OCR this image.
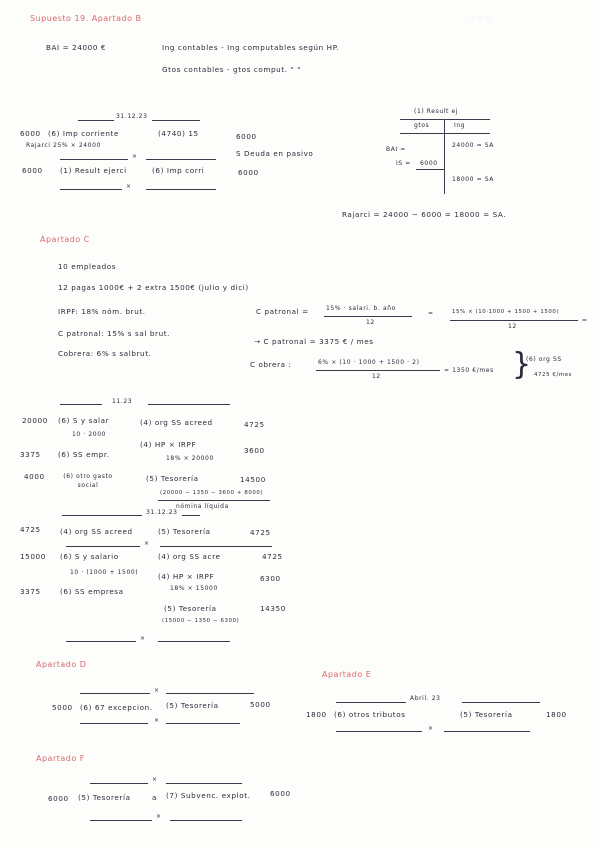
Supuesto 19. Apartado B	~ ~ ~
BAI = 24000 €	Ing contables - Ing computables según HP.
Gtos contables - gtos comput. " "
31.12.23
6000 (6) Imp corriente	(4740) 15	6000
Rajarci 25% × 24000
S Deuda en pasivo
×
6000 (1) Result ejerci	(6) Imp corri	6000
×
(1) Result ej
gtos	Ing
BAI =
24000 = SA
IS = 6000
18000 = SA
Rajarci = 24000 − 6000 = 18000 = SA.
Apartado C
10 empleados
12 pagas 1000€ + 2 extra 1500€ (julio y dici)
IRPF: 18% nóm. brut.
C patronal: 15% s sal brut.
Cobrera: 6% s salbrut.
C patronal =	15% · salari. b. año
12
=	15% × (10·1000 + 1500 + 1500)
12
=
→ C patronal = 3375 € / mes
C obrera :	6% × (10 · 1000 + 1500 · 2)
12
= 1350 €/mes }
(6) org SS
4725 €/mes
11.23
20000 (6) S y salar
10 · 2000
(4) org SS acreed	4725
3375 (6) SS empr.
(4) HP × IRPF
18% × 20000
3600
4000	(6) otro gasto social
(5) Tesorería	14500
(20000 − 1350 − 3600 + 8000)
nómina líquida
31.12.23
4725	(4) org SS acreed	(5) Tesorería	4725
×
15000 (6) S y salario
10 · (1000 + 1500)
(4) org SS acre	4725
(4) HP × IRPF
18% × 15000
6300
3375	(6) SS empresa
(5) Tesorería	14350
(15000 − 1350 − 6300)
×
Apartado D
×
5000 (6) 67 excepcion. (5) Tesorería	5000
×
Apartado E
Abril. 23
1800 (6) otros tributos	(5) Tesorería	1800
×
Apartado F
×
6000 (5) Tesorería	a (7) Subvenc. explot.	6000
×
